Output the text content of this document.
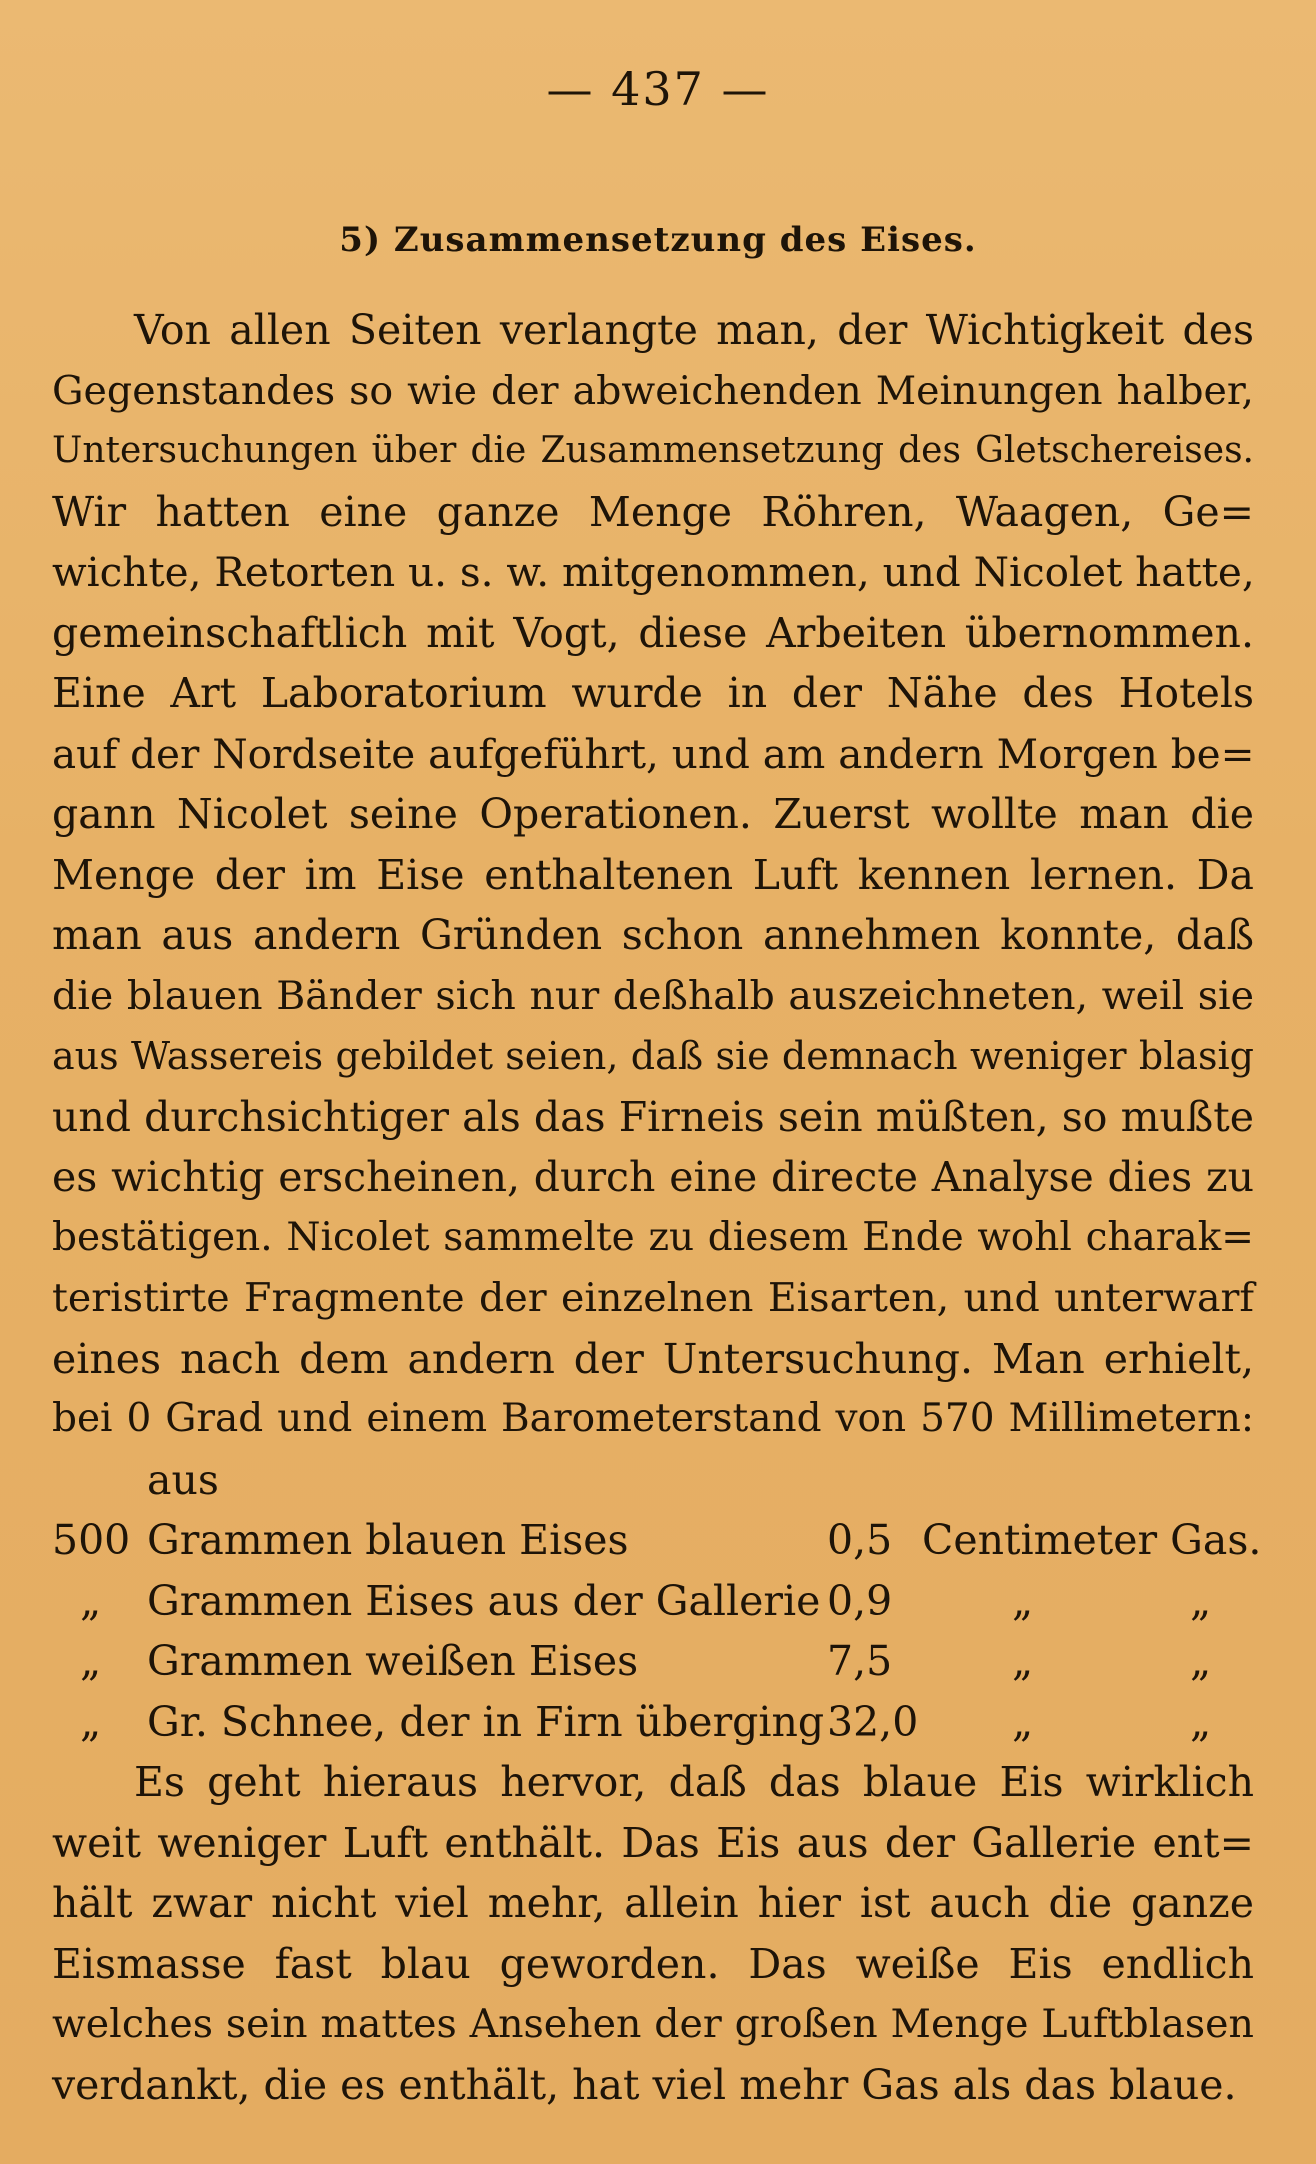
— 437 —
5) Zusammensetzung des Eises.
Von allen Seiten verlangte man, der Wichtigkeit des
Gegenstandes so wie der abweichenden Meinungen halber,
Untersuchungen über die Zusammensetzung des Gletschereises.
Wir hatten eine ganze Menge Röhren, Waagen, Ge=
wichte, Retorten u. s. w. mitgenommen, und Nicolet hatte,
gemeinschaftlich mit Vogt, diese Arbeiten übernommen.
Eine Art Laboratorium wurde in der Nähe des Hotels
auf der Nordseite aufgeführt, und am andern Morgen be=
gann Nicolet seine Operationen. Zuerst wollte man die
Menge der im Eise enthaltenen Luft kennen lernen. Da
man aus andern Gründen schon annehmen konnte, daß
die blauen Bänder sich nur deßhalb auszeichneten, weil sie
aus Wassereis gebildet seien, daß sie demnach weniger blasig
und durchsichtiger als das Firneis sein müßten, so mußte
es wichtig erscheinen, durch eine directe Analyse dies zu
bestätigen. Nicolet sammelte zu diesem Ende wohl charak=
teristirte Fragmente der einzelnen Eisarten, und unterwarf
eines nach dem andern der Untersuchung. Man erhielt,
bei 0 Grad und einem Barometerstand von 570 Millimetern:
aus
500 Grammen blauen Eises	0,5 Centimeter Gas.
„ Grammen Eises aus der Gallerie 0,9	„	„
„ Grammen weißen Eises	7,5	„	„
„ Gr. Schnee, der in Firn überging 32,0 „	„
Es geht hieraus hervor, daß das blaue Eis wirklich
weit weniger Luft enthält. Das Eis aus der Gallerie ent=
hält zwar nicht viel mehr, allein hier ist auch die ganze
Eismasse fast blau geworden. Das weiße Eis endlich
welches sein mattes Ansehen der großen Menge Luftblasen
verdankt, die es enthält, hat viel mehr Gas als das blaue.
